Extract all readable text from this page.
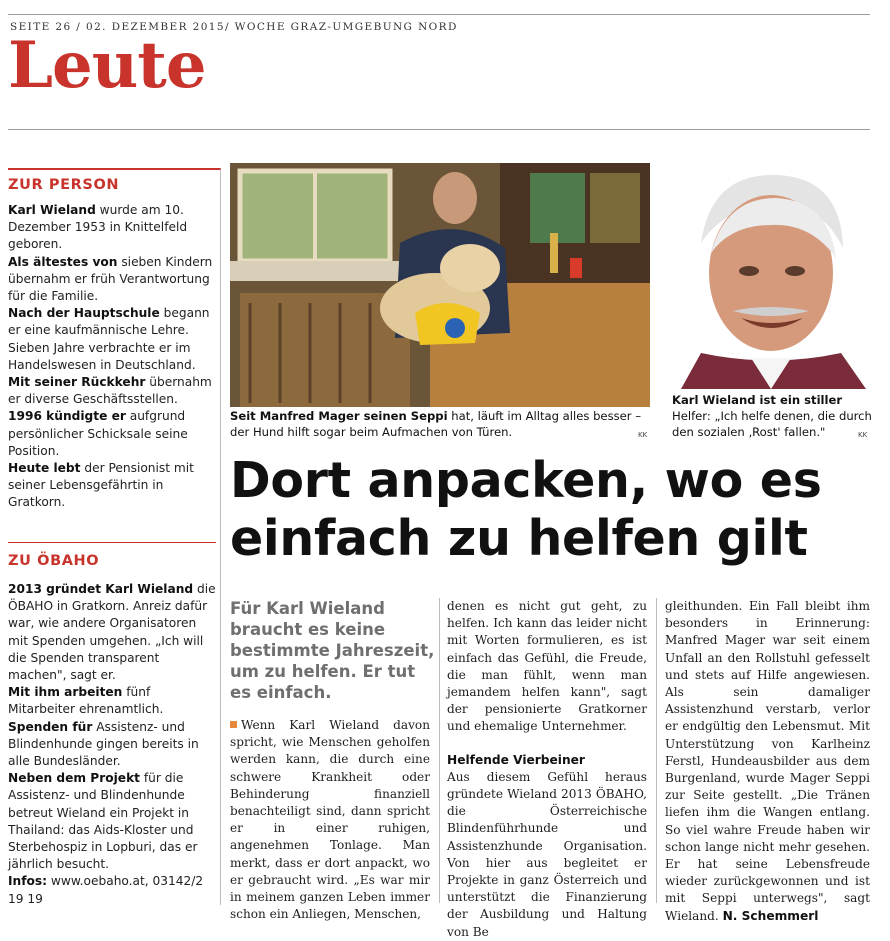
SEITE 26 / 02. DEZEMBER 2015/ WOCHE GRAZ-UMGEBUNG NORD
Leute
ZUR PERSON

Karl Wieland wurde am 10. Dezember 1953 in Knittelfeld geboren.

Als ältestes von sieben Kindern übernahm er früh Verantwortung für die Familie.

Nach der Hauptschule begann er eine kaufmännische Lehre. Sieben Jahre verbrachte er im Handelswesen in Deutschland.

Mit seiner Rückkehr übernahm er diverse Geschäftsstellen.

1996 kündigte er aufgrund persönlicher Schicksale seine Position.

Heute lebt der Pensionist mit seiner Lebensgefährtin in Gratkorn.

ZU ÖBAHO

2013 gründet Karl Wieland die ÖBAHO in Gratkorn. Anreiz dafür war, wie andere Organisatoren mit Spenden umgehen. „Ich will die Spenden transparent machen", sagt er.

Mit ihm arbeiten fünf Mitarbeiter ehrenamtlich.

Spenden für Assistenz- und Blindenhunde gingen bereits in alle Bundesländer.

Neben dem Projekt für die Assistenz- und Blindenhunde betreut Wieland ein Projekt in Thailand: das Aids-Kloster und Sterbehospiz in Lopburi, das er jährlich besucht.

Infos: www.oebaho.at, 03142/2 19 19

Seit Manfred Mager seinen Seppi hat, läuft im Alltag alles besser – der Hund hilft sogar beim Aufmachen von Türen.	KK
Karl Wieland ist ein stiller Helfer: „Ich helfe denen, die durch den sozialen ‚Rost' fallen."	KK
Dort anpacken, wo es
einfach zu helfen gilt
Für Karl Wieland braucht es keine bestimmte Jahreszeit, um zu helfen. Er tut es einfach.

Wenn Karl Wieland davon spricht, wie Menschen geholfen werden kann, die durch eine schwere Krankheit oder Behinderung finanziell benachteiligt sind, dann spricht er in einer ruhigen, angenehmen Tonlage. Man merkt, dass er dort anpackt, wo er gebraucht wird. „Es war mir in meinem ganzen Leben immer schon ein Anliegen, Menschen,

denen es nicht gut geht, zu helfen. Ich kann das leider nicht mit Worten formulieren, es ist einfach das Gefühl, die Freude, die man fühlt, wenn man jemandem helfen kann", sagt der pensionierte Gratkorner und ehemalige Unternehmer.

Helfende Vierbeiner

Aus diesem Gefühl heraus gründete Wieland 2013 ÖBAHO, die Österreichische Blindenführhunde und Assistenzhunde Organisation. Von hier aus begleitet er Projekte in ganz Österreich und unterstützt die Finanzierung der Ausbildung und Haltung von Be

gleithunden. Ein Fall bleibt ihm besonders in Erinnerung: Manfred Mager war seit einem Unfall an den Rollstuhl gefesselt und stets auf Hilfe angewiesen. Als sein damaliger Assistenzhund verstarb, verlor er endgültig den Lebensmut. Mit Unterstützung von Karlheinz Ferstl, Hundeausbilder aus dem Burgenland, wurde Mager Seppi zur Seite gestellt. „Die Tränen liefen ihm die Wangen entlang. So viel wahre Freude haben wir schon lange nicht mehr gesehen. Er hat seine Lebensfreude wieder zurückgewonnen und ist mit Seppi unterwegs", sagt Wieland. N. Schemmerl
